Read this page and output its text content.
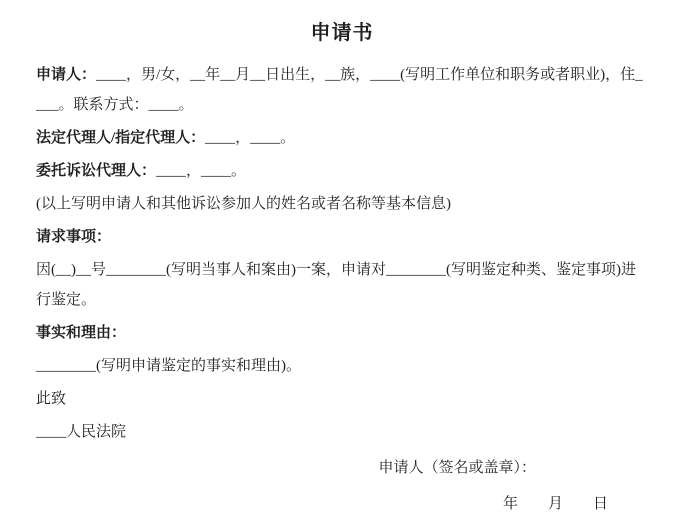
申请书

申请人：____，男/女，__年__月__日出生，__族，____(写明工作单位和职务或者职业)，住____。联系方式：____。

法定代理人/指定代理人：____，____。

委托诉讼代理人：____，____。

(以上写明申请人和其他诉讼参加人的姓名或者名称等基本信息)

请求事项：

因(__)__号________(写明当事人和案由)一案，申请对________(写明鉴定种类、鉴定事项)进行鉴定。

事实和理由：

________(写明申请鉴定的事实和理由)。

此致

____人民法院

申请人（签名或盖章）：

年　　月　　日
